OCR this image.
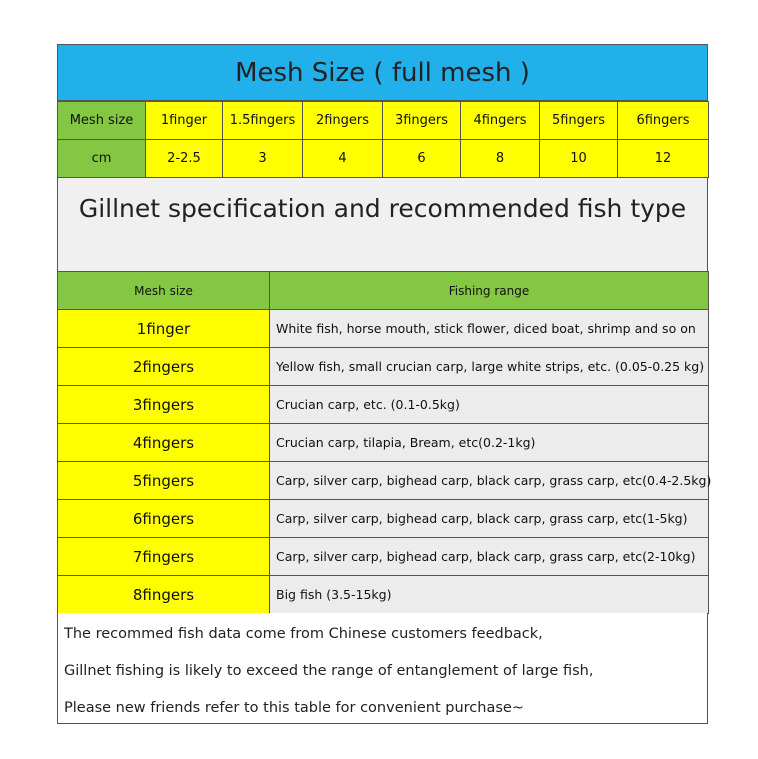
Mesh Size ( full mesh )
Mesh size	1finger	1.5fingers	2fingers	3fingers	4fingers	5fingers	6fingers
cm	2-2.5	3	4	6	8	10	12
Gillnet specification and recommended fish type
Mesh size	Fishing range
1finger	White fish, horse mouth, stick flower, diced boat, shrimp and so on
2fingers	Yellow fish, small crucian carp, large white strips, etc. (0.05-0.25 kg)
3fingers	Crucian carp, etc. (0.1-0.5kg)
4fingers	Crucian carp, tilapia, Bream, etc(0.2-1kg)
5fingers	Carp, silver carp, bighead carp, black carp, grass carp, etc(0.4-2.5kg)
6fingers	Carp, silver carp, bighead carp, black carp, grass carp, etc(1-5kg)
7fingers	Carp, silver carp, bighead carp, black carp, grass carp, etc(2-10kg)
8fingers	Big fish (3.5-15kg)
The recommed fish data come from Chinese customers feedback,
Gillnet fishing is likely to exceed the range of entanglement of large fish,
Please new friends refer to this table for convenient purchase~
